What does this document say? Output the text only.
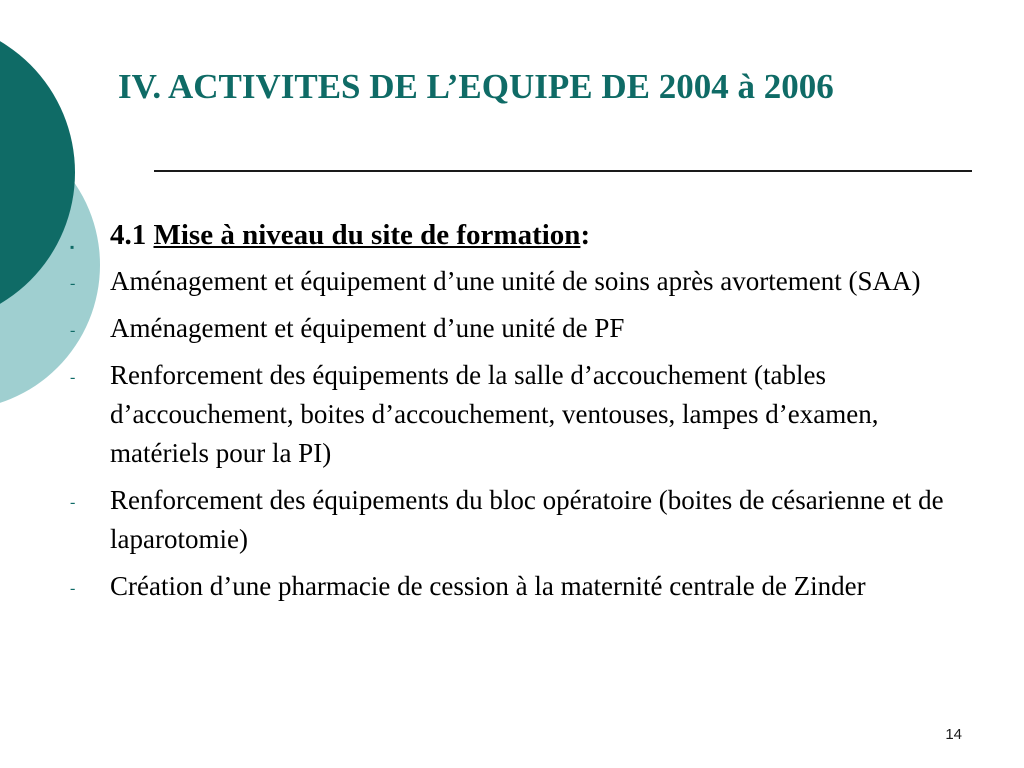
IV. ACTIVITES DE L’EQUIPE DE 2004 à 2006

▪ 4.1 Mise à niveau du site de formation:

- Aménagement et équipement d’une unité de soins après avortement (SAA)

- Aménagement et équipement d’une unité de PF

- Renforcement des équipements de la salle d’accouchement (tables d’accouchement, boites d’accouchement, ventouses, lampes d’examen, matériels pour la PI)

- Renforcement des équipements du bloc opératoire (boites de césarienne et de laparotomie)

- Création d’une pharmacie de cession à la maternité centrale de Zinder

14
